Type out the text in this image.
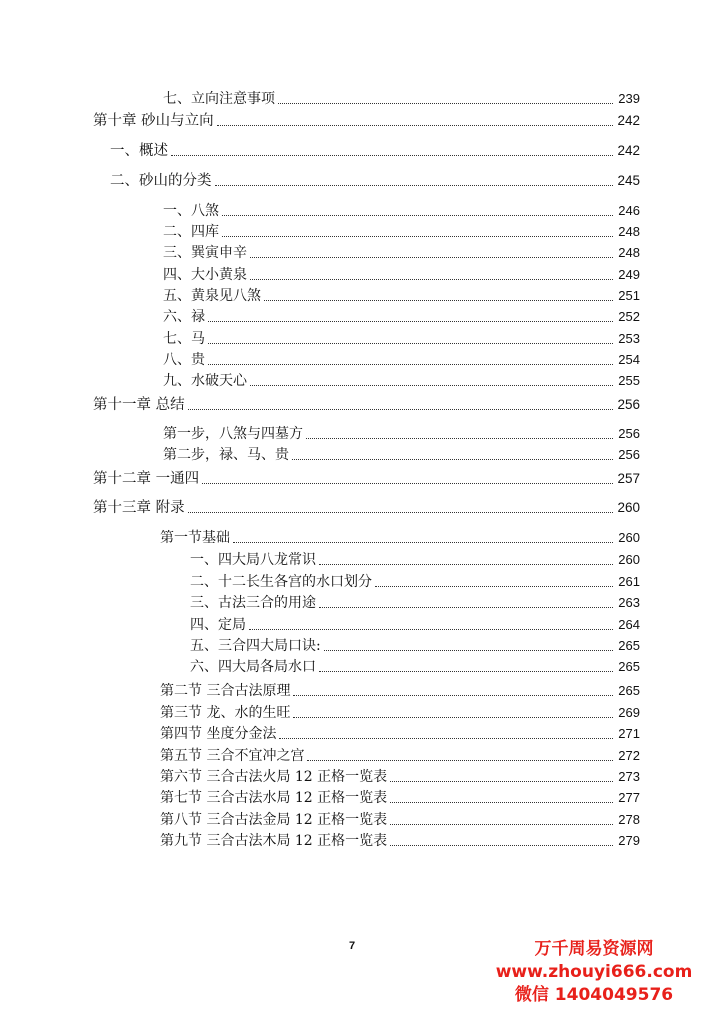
七、立向注意事项	239
第十章 砂山与立向	242
一、概述	242
二、砂山的分类	245
一、八煞	246
二、四库	248
三、巽寅申辛	248
四、大小黄泉	249
五、黄泉见八煞	251
六、禄	252
七、马	253
八、贵	254
九、水破天心	255
第十一章 总结	256
第一步，八煞与四墓方	256
第二步，禄、马、贵	256
第十二章 一通四	257
第十三章 附录	260
第一节基础	260
一、四大局八龙常识	260
二、十二长生各宫的水口划分	261
三、古法三合的用途	263
四、定局	264
五、三合四大局口诀:	265
六、四大局各局水口	265
第二节 三合古法原理	265
第三节 龙、水的生旺	269
第四节 坐度分金法	271
第五节 三合不宜冲之宫	272
第六节 三合古法火局 12 正格一览表	273
第七节 三合古法水局 12 正格一览表	277
第八节 三合古法金局 12 正格一览表	278
第九节 三合古法木局 12 正格一览表	279
7	万千周易资源网
www.zhouyi666.com
微信 1404049576
